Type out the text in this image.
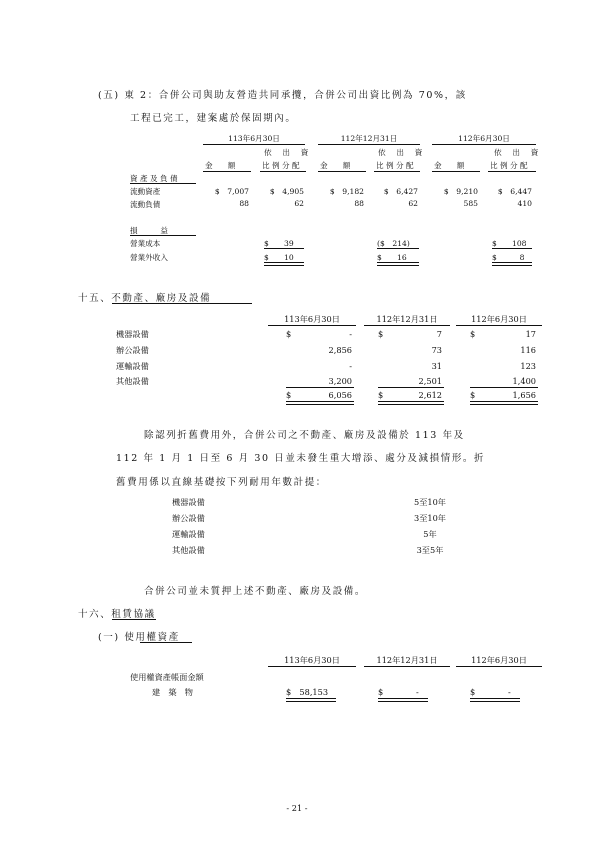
(五) 東 2：合併公司與助友營造共同承攬，合併公司出資比例為 70%，該
工程已完工，建案處於保固期內。
113年6月30日	112年12月31日	112年6月30日
依　出　資	依　出　資	依　出　資
金　　額	比 例 分 配	金　　額	比 例 分 配	金　　額	比 例 分 配
資 產 及 負 債
流動資產	$　7,007	$　4,905	$　9,182	$　6,427	$　9,210	$　6,447
流動負債	88	62	88	62	585	410
損　　　益
營業成本	$　　39	($　214)	$　　108
營業外收入	$　　10	$　　16	$　　　8
十五、不動產、廠房及設備
113年6月30日	112年12月31日	112年6月30日
機器設備	$	-	$	7	$	17
辦公設備	2,856	73	116
運輸設備	-	31	123
其他設備	3,200	2,501	1,400
$	6,056	$	2,612	$	1,656
除認列折舊費用外，合併公司之不動產、廠房及設備於 113 年及
112 年 1 月 1 日至 6 月 30 日並未發生重大增添、處分及減損情形。折
舊費用係以直線基礎按下列耐用年數計提：
機器設備	5至10年
辦公設備	3至10年
運輸設備	5年
其他設備	3至5年
合併公司並未質押上述不動產、廠房及設備。
十六、租賃協議
(一) 使用權資產
113年6月30日	112年12月31日	112年6月30日
使用權資產帳面金額
建　築　物	$　58,153	$　　　　-	$　　　　-
- 21 -
